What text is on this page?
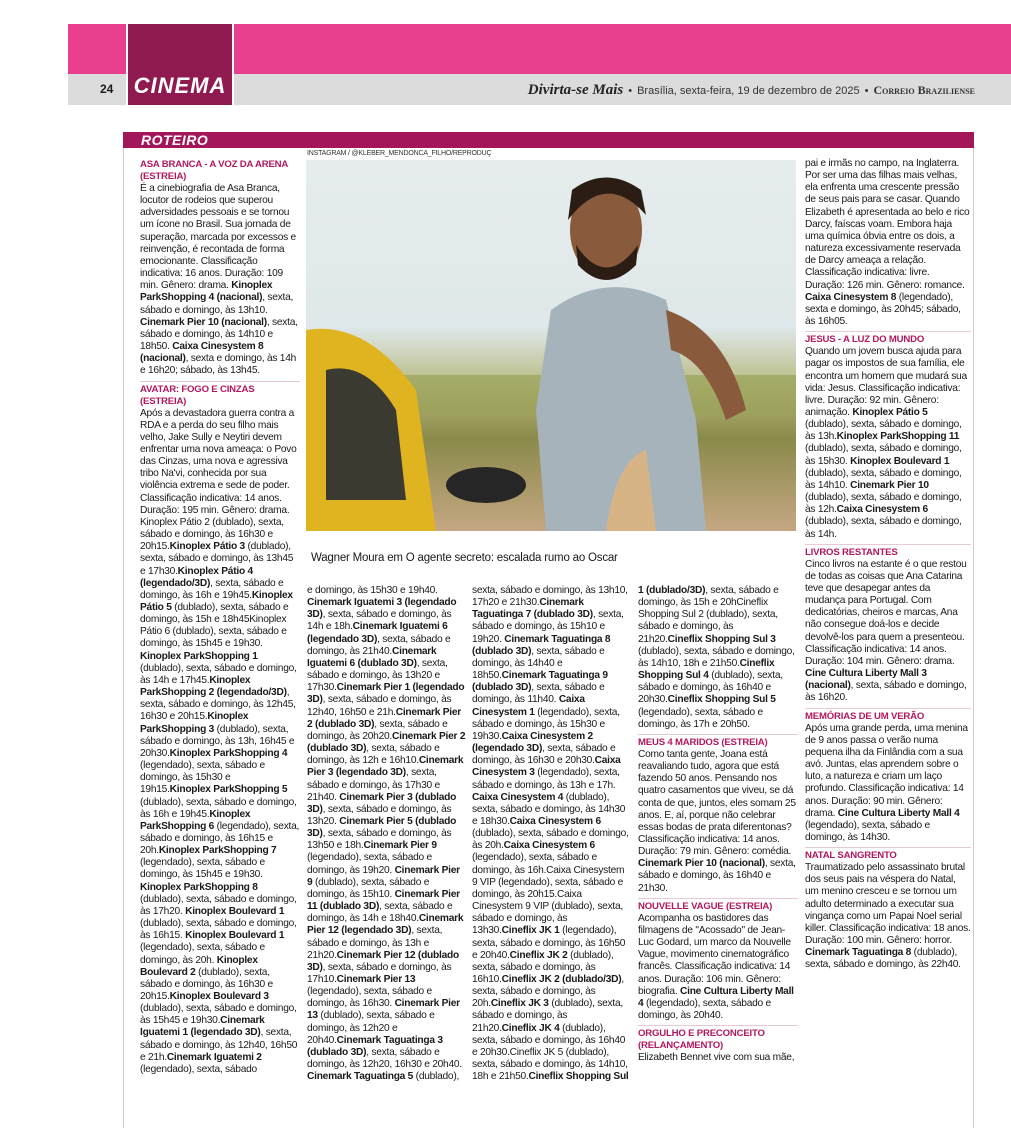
CINEMA
24	Divirta-se Mais • Brasília, sexta-feira, 19 de dezembro de 2025 • Correio Braziliense
ROTEIRO
INSTAGRAM / @KLEBER_MENDONCA_FILHO/REPRODUÇ
Wagner Moura em O agente secreto: escalada rumo ao Oscar
ASA BRANCA - A VOZ DA ARENA (ESTREIA)

É a cinebiografia de Asa Branca, locutor de rodeios que superou adversidades pessoais e se tornou um ícone no Brasil. Sua jornada de superação, marcada por excessos e reinvenção, é recontada de forma emocionante. Classificação indicativa: 16 anos. Duração: 109 min. Gênero: drama. Kinoplex ParkShopping 4 (nacional), sexta, sábado e domingo, às 13h10. Cinemark Pier 10 (nacional), sexta, sábado e domingo, às 14h10 e 18h50. Caixa Cinesystem 8 (nacional), sexta e domingo, às 14h e 16h20; sábado, às 13h45.

AVATAR: FOGO E CINZAS (ESTREIA)

Após a devastadora guerra contra a RDA e a perda do seu filho mais velho, Jake Sully e Neytiri devem enfrentar uma nova ameaça: o Povo das Cinzas, uma nova e agressiva tribo Na'vi, conhecida por sua violência extrema e sede de poder. Classificação indicativa: 14 anos. Duração: 195 min. Gênero: drama. Kinoplex Pátio 2 (dublado), sexta, sábado e domingo, às 16h30 e 20h15.Kinoplex Pátio 3 (dublado), sexta, sábado e domingo, às 13h45 e 17h30.Kinoplex Pátio 4 (legendado/3D), sexta, sábado e domingo, às 16h e 19h45.Kinoplex Pátio 5 (dublado), sexta, sábado e domingo, às 15h e 18h45Kinoplex Pátio 6 (dublado), sexta, sábado e domingo, às 15h45 e 19h30. Kinoplex ParkShopping 1 (dublado), sexta, sábado e domingo, às 14h e 17h45.Kinoplex ParkShopping 2 (legendado/3D), sexta, sábado e domingo, às 12h45, 16h30 e 20h15.Kinoplex ParkShopping 3 (dublado), sexta, sábado e domingo, às 13h, 16h45 e 20h30.Kinoplex ParkShopping 4 (legendado), sexta, sábado e domingo, às 15h30 e 19h15.Kinoplex ParkShopping 5 (dublado), sexta, sábado e domingo, às 16h e 19h45.Kinoplex ParkShopping 6 (legendado), sexta, sábado e domingo, às 16h15 e 20h.Kinoplex ParkShopping 7 (legendado), sexta, sábado e domingo, às 15h45 e 19h30. Kinoplex ParkShopping 8 (dublado), sexta, sábado e domingo, às 17h20. Kinoplex Boulevard 1 (dublado), sexta, sábado e domingo, às 16h15. Kinoplex Boulevard 1 (legendado), sexta, sábado e domingo, às 20h. Kinoplex Boulevard 2 (dublado), sexta, sábado e domingo, às 16h30 e 20h15.Kinoplex Boulevard 3 (dublado), sexta, sábado e domingo, às 15h45 e 19h30.Cinemark Iguatemi 1 (legendado 3D), sexta, sábado e domingo, às 12h40, 16h50 e 21h.Cinemark Iguatemi 2 (legendado), sexta, sábado

e domingo, às 15h30 e 19h40. Cinemark Iguatemi 3 (legendado 3D), sexta, sábado e domingo, às 14h e 18h.Cinemark Iguatemi 6 (legendado 3D), sexta, sábado e domingo, às 21h40.Cinemark Iguatemi 6 (dublado 3D), sexta, sábado e domingo, às 13h20 e 17h30.Cinemark Pier 1 (legendado 3D), sexta, sábado e domingo, às 12h40, 16h50 e 21h.Cinemark Pier 2 (dublado 3D), sexta, sábado e domingo, às 20h20.Cinemark Pier 2 (dublado 3D), sexta, sábado e domingo, às 12h e 16h10.Cinemark Pier 3 (legendado 3D), sexta, sábado e domingo, às 17h30 e 21h40. Cinemark Pier 3 (dublado 3D), sexta, sábado e domingo, às 13h20. Cinemark Pier 5 (dublado 3D), sexta, sábado e domingo, às 13h50 e 18h.Cinemark Pier 9 (legendado), sexta, sábado e domingo, às 19h20. Cinemark Pier 9 (dublado), sexta, sábado e domingo, às 15h10. Cinemark Pier 11 (dublado 3D), sexta, sábado e domingo, às 14h e 18h40.Cinemark Pier 12 (legendado 3D), sexta, sábado e domingo, às 13h e 21h20.Cinemark Pier 12 (dublado 3D), sexta, sábado e domingo, às 17h10.Cinemark Pier 13 (legendado), sexta, sábado e domingo, às 16h30. Cinemark Pier 13 (dublado), sexta, sábado e domingo, às 12h20 e 20h40.Cinemark Taguatinga 3 (dublado 3D), sexta, sábado e domingo, às 12h20, 16h30 e 20h40. Cinemark Taguatinga 5 (dublado),

sexta, sábado e domingo, às 13h10, 17h20 e 21h30.Cinemark Taguatinga 7 (dublado 3D), sexta, sábado e domingo, às 15h10 e 19h20. Cinemark Taguatinga 8 (dublado 3D), sexta, sábado e domingo, às 14h40 e 18h50.Cinemark Taguatinga 9 (dublado 3D), sexta, sábado e domingo, às 11h40. Caixa Cinesystem 1 (legendado), sexta, sábado e domingo, às 15h30 e 19h30.Caixa Cinesystem 2 (legendado 3D), sexta, sábado e domingo, às 16h30 e 20h30.Caixa Cinesystem 3 (legendado), sexta, sábado e domingo, às 13h e 17h. Caixa Cinesystem 4 (dublado), sexta, sábado e domingo, às 14h30 e 18h30.Caixa Cinesystem 6 (dublado), sexta, sábado e domingo, às 20h.Caixa Cinesystem 6 (legendado), sexta, sábado e domingo, às 16h.Caixa Cinesystem 9 VIP (legendado), sexta, sábado e domingo, às 20h15.Caixa Cinesystem 9 VIP (dublado), sexta, sábado e domingo, às 13h30.Cineflix JK 1 (legendado), sexta, sábado e domingo, às 16h50 e 20h40.Cineflix JK 2 (dublado), sexta, sábado e domingo, às 16h10.Cineflix JK 2 (dublado/3D), sexta, sábado e domingo, às 20h.Cineflix JK 3 (dublado), sexta, sábado e domingo, às 21h20.Cineflix JK 4 (dublado), sexta, sábado e domingo, às 16h40 e 20h30.Cineflix JK 5 (dublado), sexta, sábado e domingo, às 14h10, 18h e 21h50.Cineflix Shopping Sul

1 (dublado/3D), sexta, sábado e domingo, às 15h e 20hCineflix Shopping Sul 2 (dublado), sexta, sábado e domingo, às 21h20.Cineflix Shopping Sul 3 (dublado), sexta, sábado e domingo, às 14h10, 18h e 21h50.Cineflix Shopping Sul 4 (dublado), sexta, sábado e domingo, às 16h40 e 20h30.Cineflix Shopping Sul 5 (legendado), sexta, sábado e domingo, às 17h e 20h50.

MEUS 4 MARIDOS (ESTREIA)

Como tanta gente, Joana está reavaliando tudo, agora que está fazendo 50 anos. Pensando nos quatro casamentos que viveu, se dá conta de que, juntos, eles somam 25 anos. E, aí, porque não celebrar essas bodas de prata diferentonas? Classificação indicativa: 14 anos. Duração: 79 min. Gênero: comédia. Cinemark Pier 10 (nacional), sexta, sábado e domingo, às 16h40 e 21h30.

NOUVELLE VAGUE (ESTREIA)

Acompanha os bastidores das filmagens de "Acossado" de Jean-Luc Godard, um marco da Nouvelle Vague, movimento cinematográfico francês. Classificação indicativa: 14 anos. Duração: 106 min. Gênero: biografia. Cine Cultura Liberty Mall 4 (legendado), sexta, sábado e domingo, às 20h40.

ORGULHO E PRECONCEITO (RELANÇAMENTO)

Elizabeth Bennet vive com sua mãe,

pai e irmãs no campo, na Inglaterra. Por ser uma das filhas mais velhas, ela enfrenta uma crescente pressão de seus pais para se casar. Quando Elizabeth é apresentada ao belo e rico Darcy, faíscas voam. Embora haja uma química óbvia entre os dois, a natureza excessivamente reservada de Darcy ameaça a relação. Classificação indicativa: livre. Duração: 126 min. Gênero: romance. Caixa Cinesystem 8 (legendado), sexta e domingo, às 20h45; sábado, às 16h05.

JESUS - A LUZ DO MUNDO

Quando um jovem busca ajuda para pagar os impostos de sua família, ele encontra um homem que mudará sua vida: Jesus. Classificação indicativa: livre. Duração: 92 min. Gênero: animação. Kinoplex Pátio 5 (dublado), sexta, sábado e domingo, às 13h.Kinoplex ParkShopping 11 (dublado), sexta, sábado e domingo, às 15h30. Kinoplex Boulevard 1 (dublado), sexta, sábado e domingo, às 14h10. Cinemark Pier 10 (dublado), sexta, sábado e domingo, às 12h.Caixa Cinesystem 6 (dublado), sexta, sábado e domingo, às 14h.

LIVROS RESTANTES

Cinco livros na estante é o que restou de todas as coisas que Ana Catarina teve que desapegar antes da mudança para Portugal. Com dedicatórias, cheiros e marcas, Ana não consegue doá-los e decide devolvê-los para quem a presenteou. Classificação indicativa: 14 anos. Duração: 104 min. Gênero: drama. Cine Cultura Liberty Mall 3 (nacional), sexta, sábado e domingo, às 16h20.

MEMÓRIAS DE UM VERÃO

Após uma grande perda, uma menina de 9 anos passa o verão numa pequena ilha da Finlândia com a sua avó. Juntas, elas aprendem sobre o luto, a natureza e criam um laço profundo. Classificação indicativa: 14 anos. Duração: 90 min. Gênero: drama. Cine Cultura Liberty Mall 4 (legendado), sexta, sábado e domingo, às 14h30.

NATAL SANGRENTO

Traumatizado pelo assassinato brutal dos seus pais na véspera do Natal, um menino cresceu e se tornou um adulto determinado a executar sua vingança como um Papai Noel serial killer. Classificação indicativa: 18 anos. Duração: 100 min. Gênero: horror. Cinemark Taguatinga 8 (dublado), sexta, sábado e domingo, às 22h40.
